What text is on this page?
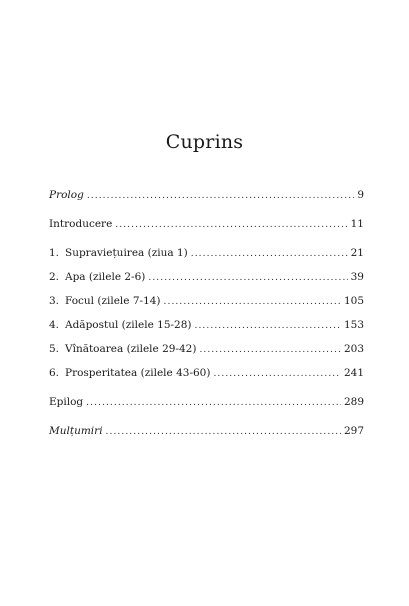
Cuprins
Prolog .....	9
Introducere .....	11
1. Supraviețuirea (ziua 1) .....	21
2. Apa (zilele 2-6) .....	39
3. Focul (zilele 7-14) .....	105
4. Adăpostul (zilele 15-28) .....	153
5. Vînătoarea (zilele 29-42) .....	203
6. Prosperitatea (zilele 43-60) .....	241
Epilog .....	289
Mulțumiri .....	297
